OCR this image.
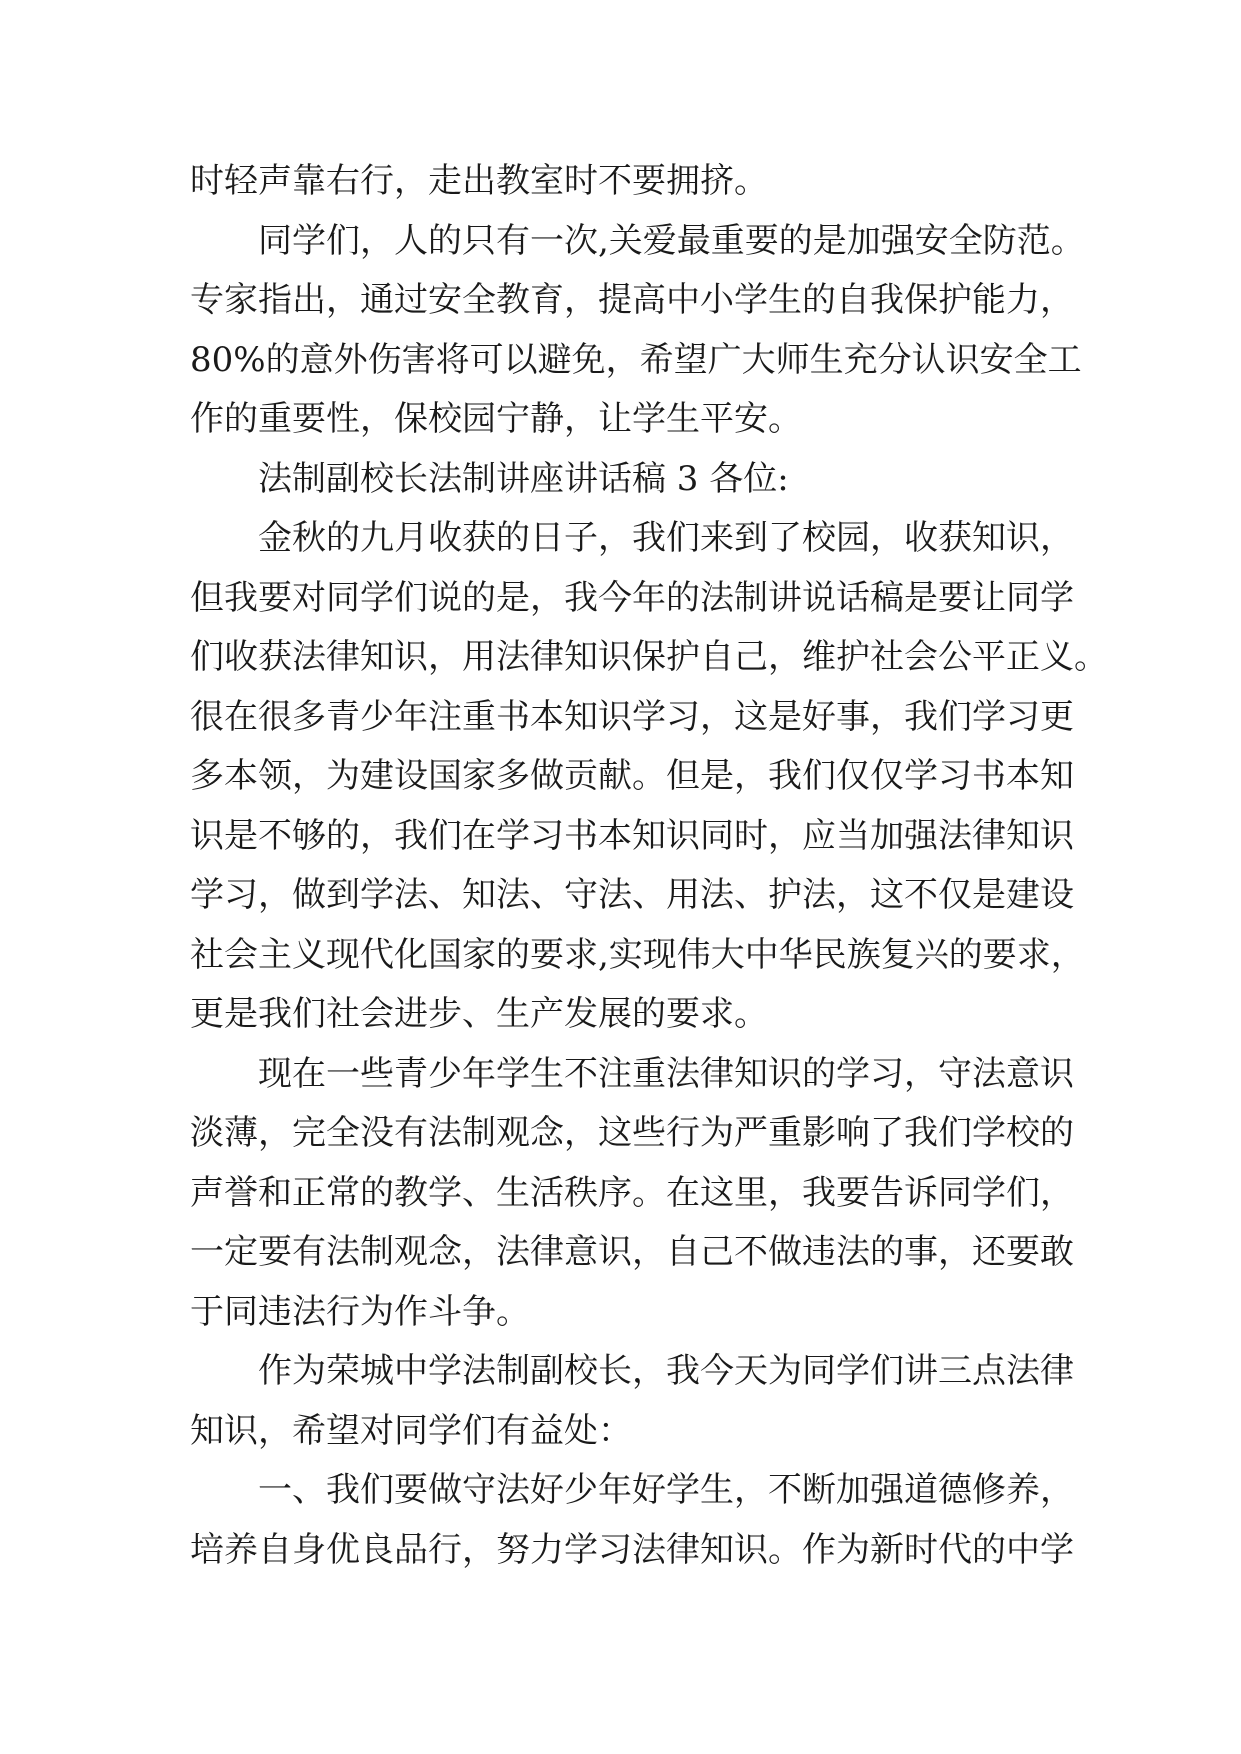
时轻声靠右行，走出教室时不要拥挤。
同学们，人的只有一次,关爱最重要的是加强安全防范。
专家指出，通过安全教育，提高中小学生的自我保护能力，
80%的意外伤害将可以避免，希望广大师生充分认识安全工
作的重要性，保校园宁静，让学生平安。
法制副校长法制讲座讲话稿 3 各位:
金秋的九月收获的日子，我们来到了校园，收获知识，
但我要对同学们说的是，我今年的法制讲说话稿是要让同学
们收获法律知识，用法律知识保护自己，维护社会公平正义。
很在很多青少年注重书本知识学习，这是好事，我们学习更
多本领，为建设国家多做贡献。但是，我们仅仅学习书本知
识是不够的，我们在学习书本知识同时，应当加强法律知识
学习，做到学法、知法、守法、用法、护法，这不仅是建设
社会主义现代化国家的要求,实现伟大中华民族复兴的要求，
更是我们社会进步、生产发展的要求。
现在一些青少年学生不注重法律知识的学习，守法意识
淡薄，完全没有法制观念，这些行为严重影响了我们学校的
声誉和正常的教学、生活秩序。在这里，我要告诉同学们，
一定要有法制观念，法律意识，自己不做违法的事，还要敢
于同违法行为作斗争。
作为荣城中学法制副校长，我今天为同学们讲三点法律
知识，希望对同学们有益处：
一、我们要做守法好少年好学生，不断加强道德修养，
培养自身优良品行，努力学习法律知识。作为新时代的中学
